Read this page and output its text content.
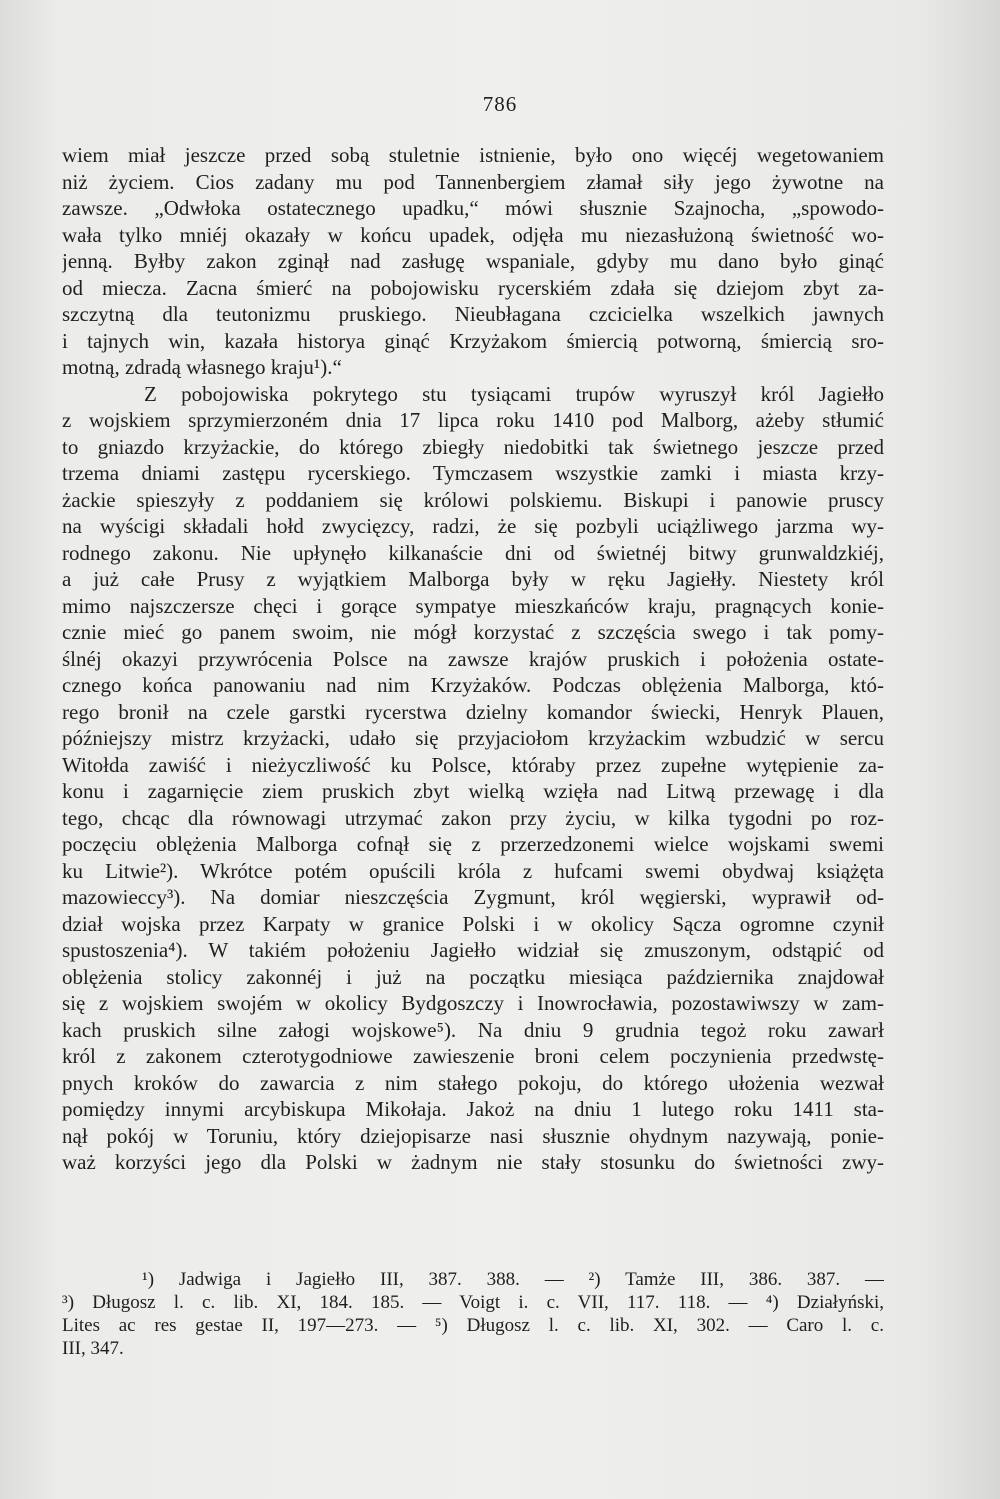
786
wiem miał jeszcze przed sobą stuletnie istnienie, było ono więcéj wegetowaniem
niż życiem. Cios zadany mu pod Tannenbergiem złamał siły jego żywotne na
zawsze. „Odwłoka ostatecznego upadku,“ mówi słusznie Szajnocha, „spowodo-
wała tylko mniéj okazały w końcu upadek, odjęła mu niezasłużoną świetność wo-
jenną. Byłby zakon zginął nad zasługę wspaniale, gdyby mu dano było ginąć
od miecza. Zacna śmierć na pobojowisku rycerskiém zdała się dziejom zbyt za-
szczytną dla teutonizmu pruskiego. Nieubłagana czcicielka wszelkich jawnych
i tajnych win, kazała historya ginąć Krzyżakom śmiercią potworną, śmiercią sro-
motną, zdradą własnego kraju¹).“
Z pobojowiska pokrytego stu tysiącami trupów wyruszył król Jagiełło
z wojskiem sprzymierzoném dnia 17 lipca roku 1410 pod Malborg, ażeby stłumić
to gniazdo krzyżackie, do którego zbiegły niedobitki tak świetnego jeszcze przed
trzema dniami zastępu rycerskiego. Tymczasem wszystkie zamki i miasta krzy-
żackie spieszyły z poddaniem się królowi polskiemu. Biskupi i panowie pruscy
na wyścigi składali hołd zwycięzcy, radzi, że się pozbyli uciążliwego jarzma wy-
rodnego zakonu. Nie upłynęło kilkanaście dni od świetnéj bitwy grunwaldzkiéj,
a już całe Prusy z wyjątkiem Malborga były w ręku Jagiełły. Niestety król
mimo najszczersze chęci i gorące sympatye mieszkańców kraju, pragnących konie-
cznie mieć go panem swoim, nie mógł korzystać z szczęścia swego i tak pomy-
ślnéj okazyi przywrócenia Polsce na zawsze krajów pruskich i położenia ostate-
cznego końca panowaniu nad nim Krzyżaków. Podczas oblężenia Malborga, któ-
rego bronił na czele garstki rycerstwa dzielny komandor świecki, Henryk Plauen,
późniejszy mistrz krzyżacki, udało się przyjaciołom krzyżackim wzbudzić w sercu
Witołda zawiść i nieżyczliwość ku Polsce, któraby przez zupełne wytępienie za-
konu i zagarnięcie ziem pruskich zbyt wielką wzięła nad Litwą przewagę i dla
tego, chcąc dla równowagi utrzymać zakon przy życiu, w kilka tygodni po roz-
poczęciu oblężenia Malborga cofnął się z przerzedzonemi wielce wojskami swemi
ku Litwie²). Wkrótce potém opuścili króla z hufcami swemi obydwaj książęta
mazowieccy³). Na domiar nieszczęścia Zygmunt, król węgierski, wyprawił od-
dział wojska przez Karpaty w granice Polski i w okolicy Sącza ogromne czynił
spustoszenia⁴). W takiém położeniu Jagiełło widział się zmuszonym, odstąpić od
oblężenia stolicy zakonnéj i już na początku miesiąca października znajdował
się z wojskiem swojém w okolicy Bydgoszczy i Inowrocławia, pozostawiwszy w zam-
kach pruskich silne załogi wojskowe⁵). Na dniu 9 grudnia tegoż roku zawarł
król z zakonem czterotygodniowe zawieszenie broni celem poczynienia przedwstę-
pnych kroków do zawarcia z nim stałego pokoju, do którego ułożenia wezwał
pomiędzy innymi arcybiskupa Mikołaja. Jakoż na dniu 1 lutego roku 1411 sta-
nął pokój w Toruniu, który dziejopisarze nasi słusznie ohydnym nazywają, ponie-
waż korzyści jego dla Polski w żadnym nie stały stosunku do świetności zwy-
¹) Jadwiga i Jagiełło III, 387. 388. — ²) Tamże III, 386. 387. —
³) Długosz l. c. lib. XI, 184. 185. — Voigt i. c. VII, 117. 118. — ⁴) Działyński,
Lites ac res gestae II, 197—273. — ⁵) Długosz l. c. lib. XI, 302. — Caro l. c.
III, 347.
